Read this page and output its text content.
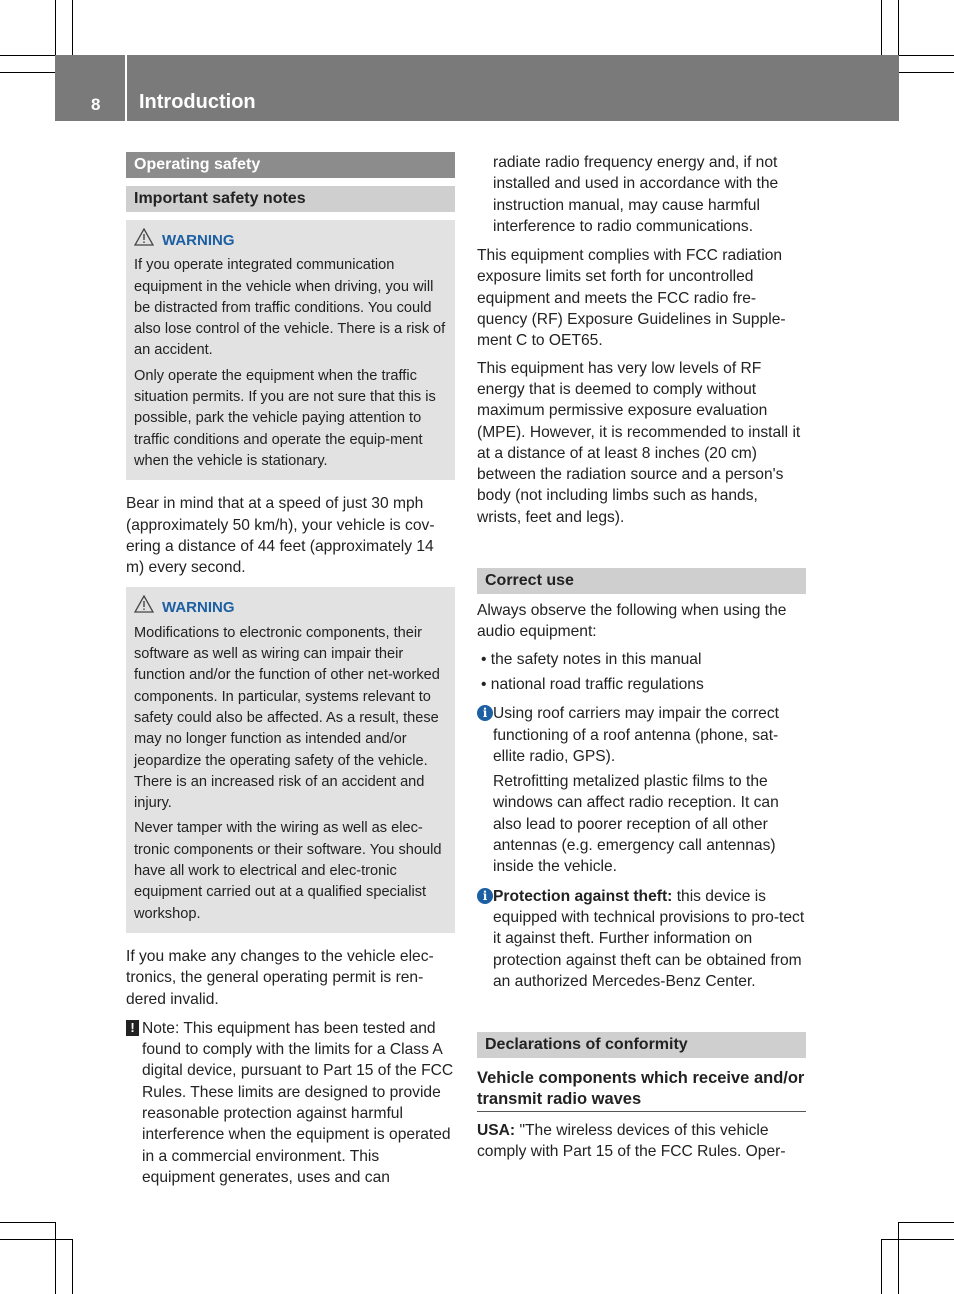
8 Introduction
Operating safety
Important safety notes
WARNING

If you operate integrated communication equipment in the vehicle when driving, you will be distracted from traffic conditions. You could also lose control of the vehicle. There is a risk of an accident.

Only operate the equipment when the traffic situation permits. If you are not sure that this is possible, park the vehicle paying attention to traffic conditions and operate the equip-ment when the vehicle is stationary.

Bear in mind that at a speed of just 30 mph (approximately 50 km/h), your vehicle is cov-ering a distance of 44 feet (approximately 14 m) every second.

WARNING

Modifications to electronic components, their software as well as wiring can impair their function and/or the function of other net-worked components. In particular, systems relevant to safety could also be affected. As a result, these may no longer function as intended and/or jeopardize the operating safety of the vehicle. There is an increased risk of an accident and injury.

Never tamper with the wiring as well as elec-tronic components or their software. You should have all work to electrical and elec-tronic equipment carried out at a qualified specialist workshop.

If you make any changes to the vehicle elec-tronics, the general operating permit is ren-dered invalid.

! Note: This equipment has been tested and found to comply with the limits for a Class A digital device, pursuant to Part 15 of the FCC Rules. These limits are designed to provide reasonable protection against harmful interference when the equipment is operated in a commercial environment. This equipment generates, uses and can
radiate radio frequency energy and, if not installed and used in accordance with the instruction manual, may cause harmful interference to radio communications.

This equipment complies with FCC radiation exposure limits set forth for uncontrolled equipment and meets the FCC radio fre-quency (RF) Exposure Guidelines in Supple-ment C to OET65.

This equipment has very low levels of RF energy that is deemed to comply without maximum permissive exposure evaluation (MPE). However, it is recommended to install it at a distance of at least 8 inches (20 cm) between the radiation source and a person's body (not including limbs such as hands, wrists, feet and legs).

Correct use

Always observe the following when using the audio equipment:

• the safety notes in this manual
• national road traffic regulations
i Using roof carriers may impair the correct functioning of a roof antenna (phone, sat-ellite radio, GPS).
Retrofitting metalized plastic films to the windows can affect radio reception. It can also lead to poorer reception of all other antennas (e.g. emergency call antennas) inside the vehicle.
i Protection against theft: this device is equipped with technical provisions to pro-tect it against theft. Further information on protection against theft can be obtained from an authorized Mercedes-Benz Center.
Declarations of conformity
Vehicle components which receive and/or transmit radio waves

USA: "The wireless devices of this vehicle comply with Part 15 of the FCC Rules. Oper-
